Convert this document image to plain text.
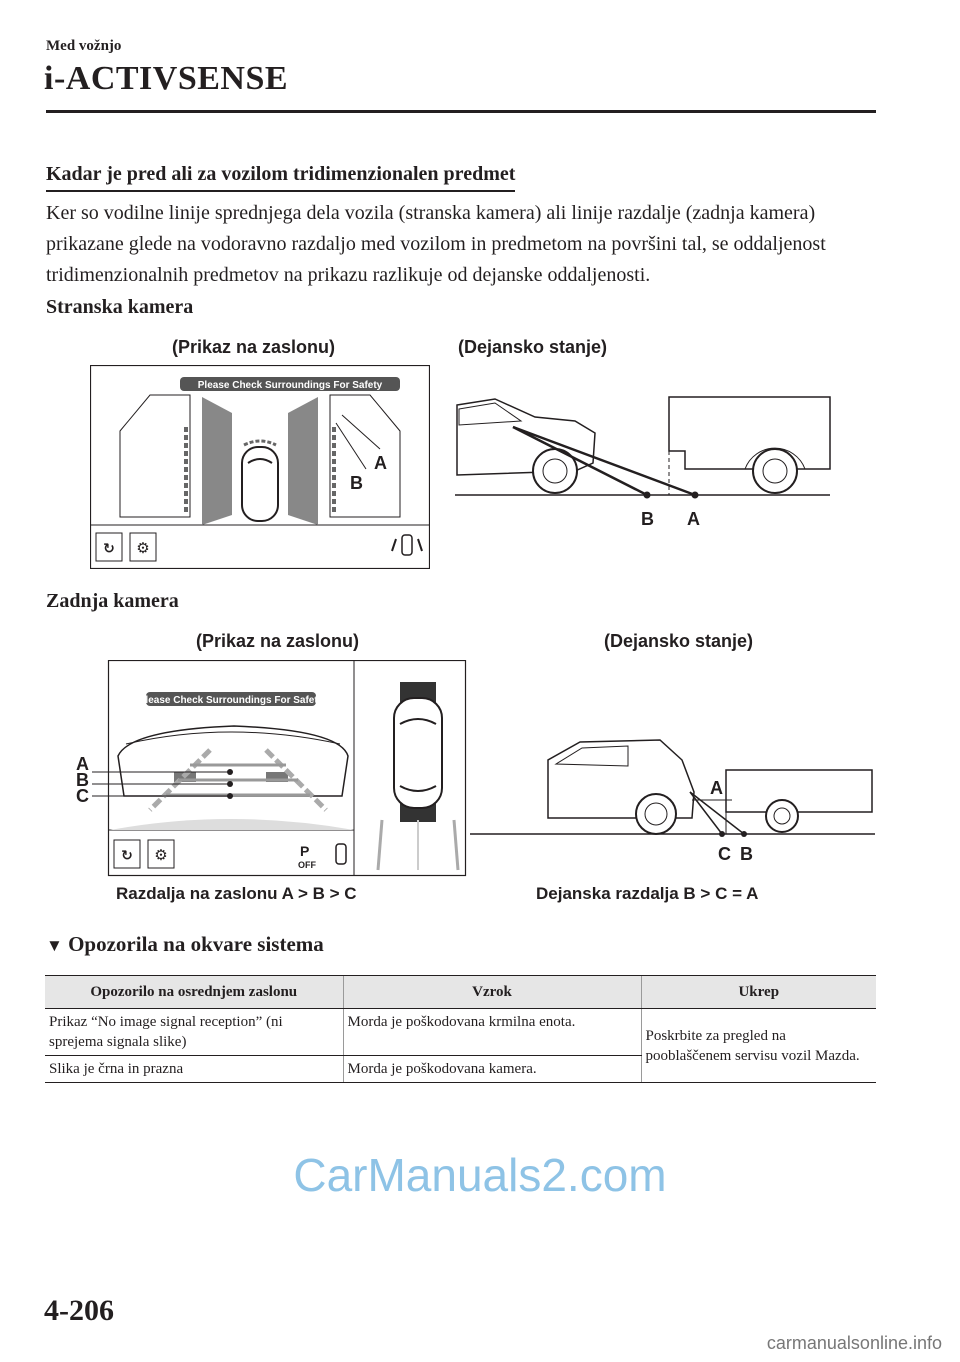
Med vožnjo
i-ACTIVSENSE
Kadar je pred ali za vozilom tridimenzionalen predmet
Ker so vodilne linije sprednjega dela vozila (stranska kamera) ali linije razdalje (zadnja kamera) prikazane glede na vodoravno razdaljo med vozilom in predmetom na površini tal, se oddaljenost tridimenzionalnih predmetov na prikazu razlikuje od dejanske oddaljenosti.
Stranska kamera
(Prikaz na zaslonu)	(Dejansko stanje)
Please Check Surroundings For Safety
A
B
↻ ⚙
B A
Zadnja kamera
(Prikaz na zaslonu)	(Dejansko stanje)
Please Check Surroundings For Safety
A
B
C
↻ ⚙	P
OFF
A
C B
Razdalja na zaslonu A > B > C	Dejanska razdalja B > C = A
▼ Opozorila na okvare sistema
Opozorilo na osrednjem zaslonu	Vzrok	Ukrep
Prikaz “No image signal reception” (ni sprejema signala slike)	Morda je poškodovana krmilna enota.	Poskrbite za pregled na pooblaščenem servisu vozil Mazda.
Slika je črna in prazna	Morda je poškodovana kamera.	
CarManuals2.com
4-206
carmanualsonline.info
